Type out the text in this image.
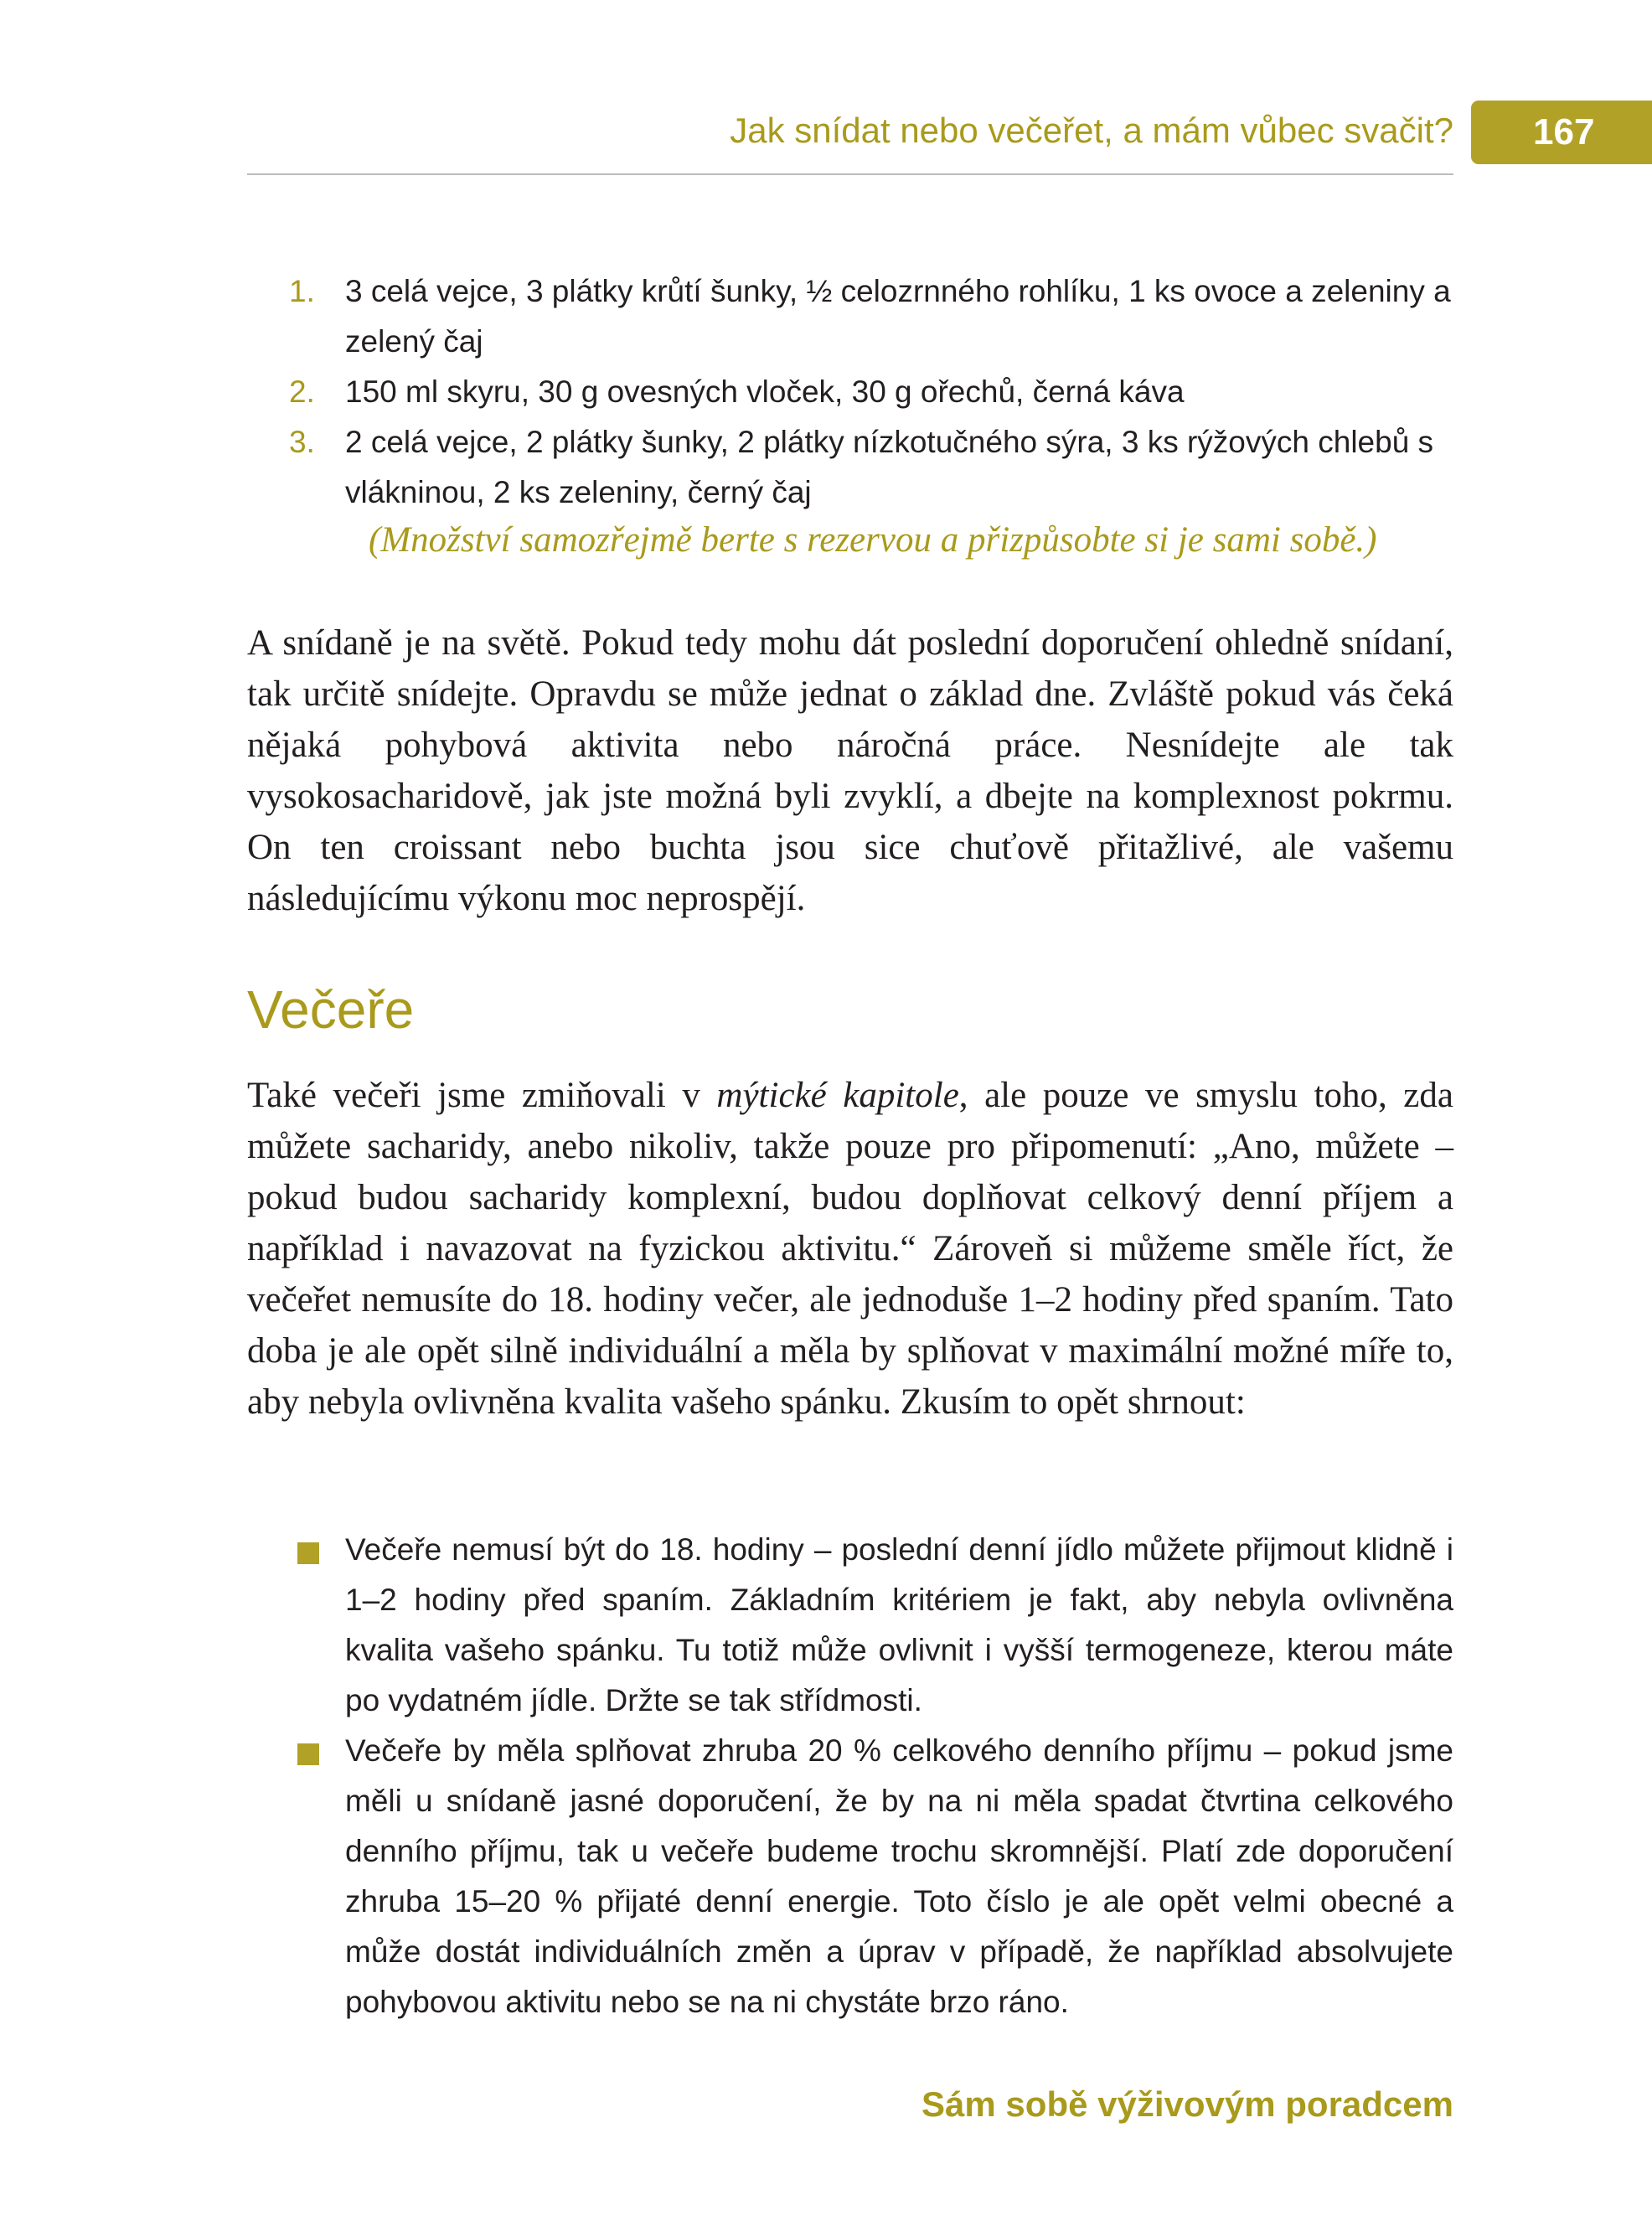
Jak snídat nebo večeřet, a mám vůbec svačit?	167
1. 3 celá vejce, 3 plátky krůtí šunky, ½ celozrnného rohlíku, 1 ks ovoce a zeleniny a zelený čaj
2. 150 ml skyru, 30 g ovesných vloček, 30 g ořechů, černá káva
3. 2 celá vejce, 2 plátky šunky, 2 plátky nízkotučného sýra, 3 ks rýžových chlebů s vlákninou, 2 ks zeleniny, černý čaj
(Množství samozřejmě berte s rezervou a přizpůsobte si je sami sobě.)
A snídaně je na světě. Pokud tedy mohu dát poslední doporučení ohledně snídaní, tak určitě snídejte. Opravdu se může jednat o základ dne. Zvláště pokud vás čeká nějaká pohybová aktivita nebo náročná práce. Nesnídejte ale tak vysokosacharidově, jak jste možná byli zvyklí, a dbejte na komplexnost pokrmu. On ten croissant nebo buchta jsou sice chuťově přitažlivé, ale vašemu následujícímu výkonu moc neprospějí.
Večeře
Také večeři jsme zmiňovali v mýtické kapitole, ale pouze ve smyslu toho, zda můžete sacharidy, anebo nikoliv, takže pouze pro připomenutí: „Ano, můžete – pokud budou sacharidy komplexní, budou doplňovat celkový denní příjem a například i navazovat na fyzickou aktivitu.“ Zároveň si můžeme směle říct, že večeřet nemusíte do 18. hodiny večer, ale jednoduše 1–2 hodiny před spaním. Tato doba je ale opět silně individuální a měla by splňovat v maximální možné míře to, aby nebyla ovlivněna kvalita vašeho spánku. Zkusím to opět shrnout:
Večeře nemusí být do 18. hodiny – poslední denní jídlo můžete přijmout klidně i 1–2 hodiny před spaním. Základním kritériem je fakt, aby nebyla ovlivněna kvalita vašeho spánku. Tu totiž může ovlivnit i vyšší termogeneze, kterou máte po vydatném jídle. Držte se tak střídmosti.
Večeře by měla splňovat zhruba 20 % celkového denního příjmu – pokud jsme měli u snídaně jasné doporučení, že by na ni měla spadat čtvrtina celkového denního příjmu, tak u večeře budeme trochu skromnější. Platí zde doporučení zhruba 15–20 % přijaté denní energie. Toto číslo je ale opět velmi obecné a může dostát individuálních změn a úprav v případě, že například absolvujete pohybovou aktivitu nebo se na ni chystáte brzo ráno.
Sám sobě výživovým poradcem
